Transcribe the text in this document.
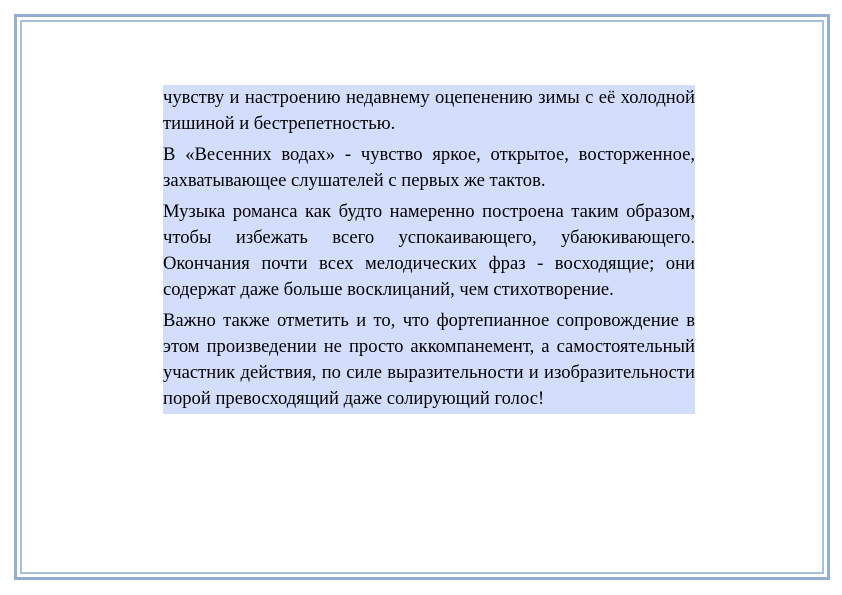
чувству и настроению недавнему оцепенению зимы с её холодной тишиной и бестрепетностью.

В «Весенних водах» - чувство яркое, открытое, восторженное, захватывающее слушателей с первых же тактов.

Музыка романса как будто намеренно построена таким образом, чтобы избежать всего успокаивающего, убаюкивающего. Окончания почти всех мелодических фраз - восходящие; они содержат даже больше восклицаний, чем стихотворение.

Важно также отметить и то, что фортепианное сопровождение в этом произведении не просто аккомпанемент, а самостоятельный участник действия, по силе выразительности и изобразительности порой превосходящий даже солирующий голос!
